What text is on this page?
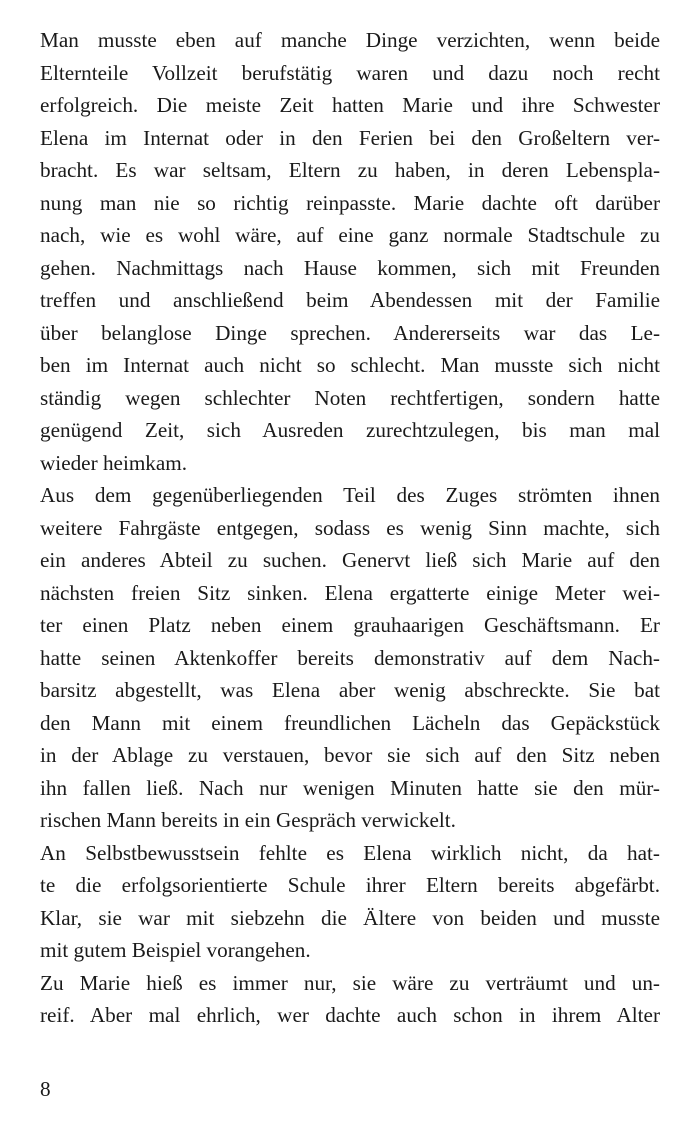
Man musste eben auf manche Dinge verzichten, wenn beide
Elternteile Vollzeit berufstätig waren und dazu noch recht
erfolgreich. Die meiste Zeit hatten Marie und ihre Schwester
Elena im Internat oder in den Ferien bei den Großeltern ver-
bracht. Es war seltsam, Eltern zu haben, in deren Lebenspla-
nung man nie so richtig reinpasste. Marie dachte oft darüber
nach, wie es wohl wäre, auf eine ganz normale Stadtschule zu
gehen. Nachmittags nach Hause kommen, sich mit Freunden
treffen und anschließend beim Abendessen mit der Familie
über belanglose Dinge sprechen. Andererseits war das Le-
ben im Internat auch nicht so schlecht. Man musste sich nicht
ständig wegen schlechter Noten rechtfertigen, sondern hatte
genügend Zeit, sich Ausreden zurechtzulegen, bis man mal
wieder heimkam.
Aus dem gegenüberliegenden Teil des Zuges strömten ihnen
weitere Fahrgäste entgegen, sodass es wenig Sinn machte, sich
ein anderes Abteil zu suchen. Genervt ließ sich Marie auf den
nächsten freien Sitz sinken. Elena ergatterte einige Meter wei-
ter einen Platz neben einem grauhaarigen Geschäftsmann. Er
hatte seinen Aktenkoffer bereits demonstrativ auf dem Nach-
barsitz abgestellt, was Elena aber wenig abschreckte. Sie bat
den Mann mit einem freundlichen Lächeln das Gepäckstück
in der Ablage zu verstauen, bevor sie sich auf den Sitz neben
ihn fallen ließ. Nach nur wenigen Minuten hatte sie den mür-
rischen Mann bereits in ein Gespräch verwickelt.
An Selbstbewusstsein fehlte es Elena wirklich nicht, da hat-
te die erfolgsorientierte Schule ihrer Eltern bereits abgefärbt.
Klar, sie war mit siebzehn die Ältere von beiden und musste
mit gutem Beispiel vorangehen.
Zu Marie hieß es immer nur, sie wäre zu verträumt und un-
reif. Aber mal ehrlich, wer dachte auch schon in ihrem Alter
8
